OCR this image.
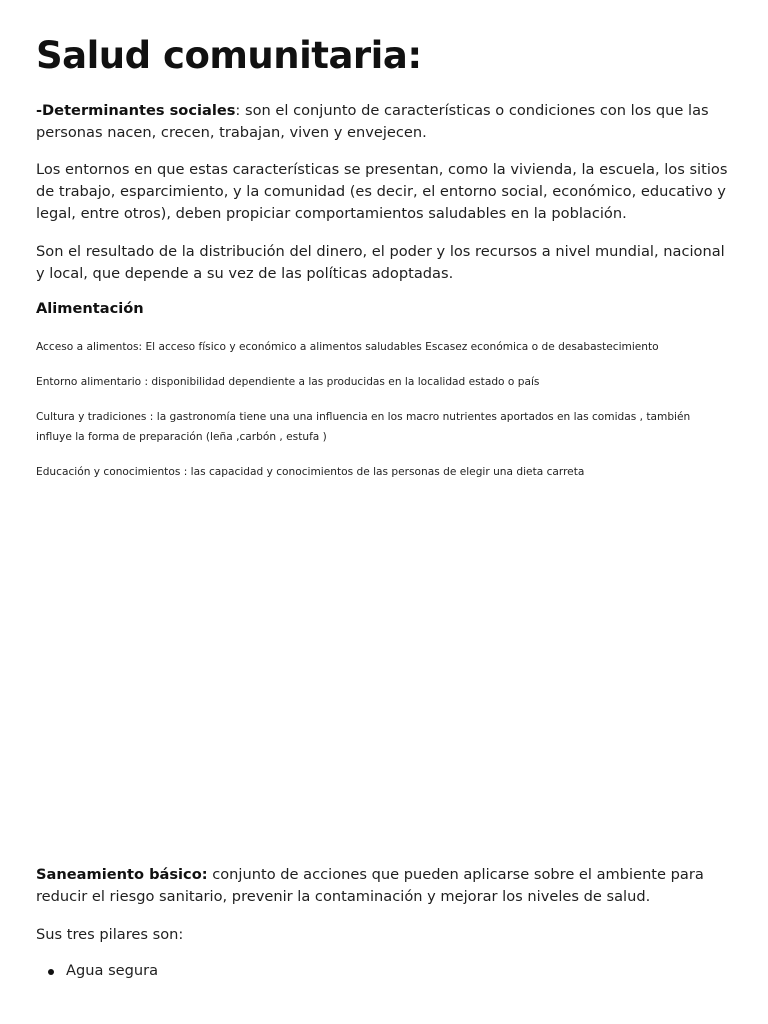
Salud comunitaria:

-Determinantes sociales: son el conjunto de características o condiciones con los que las personas nacen, crecen, trabajan, viven y envejecen.

Los entornos en que estas características se presentan, como la vivienda, la escuela, los sitios de trabajo, esparcimiento, y la comunidad (es decir, el entorno social, económico, educativo y legal, entre otros), deben propiciar comportamientos saludables en la población.

Son el resultado de la distribución del dinero, el poder y los recursos a nivel mundial, nacional y local, que depende a su vez de las políticas adoptadas.

Alimentación

Acceso a alimentos: El acceso físico y económico a alimentos saludables Escasez económica o de desabastecimiento

Entorno alimentario : disponibilidad dependiente a las producidas en la localidad estado o país

Cultura y tradiciones : la gastronomía tiene una una influencia en los macro nutrientes aportados en las comidas , también influye la forma de preparación (leña ,carbón , estufa )

Educación y conocimientos : las capacidad y conocimientos de las personas de elegir una dieta carreta

Saneamiento básico: conjunto de acciones que pueden aplicarse sobre el ambiente para reducir el riesgo sanitario, prevenir la contaminación y mejorar los niveles de salud.

Sus tres pilares son:

Agua segura
